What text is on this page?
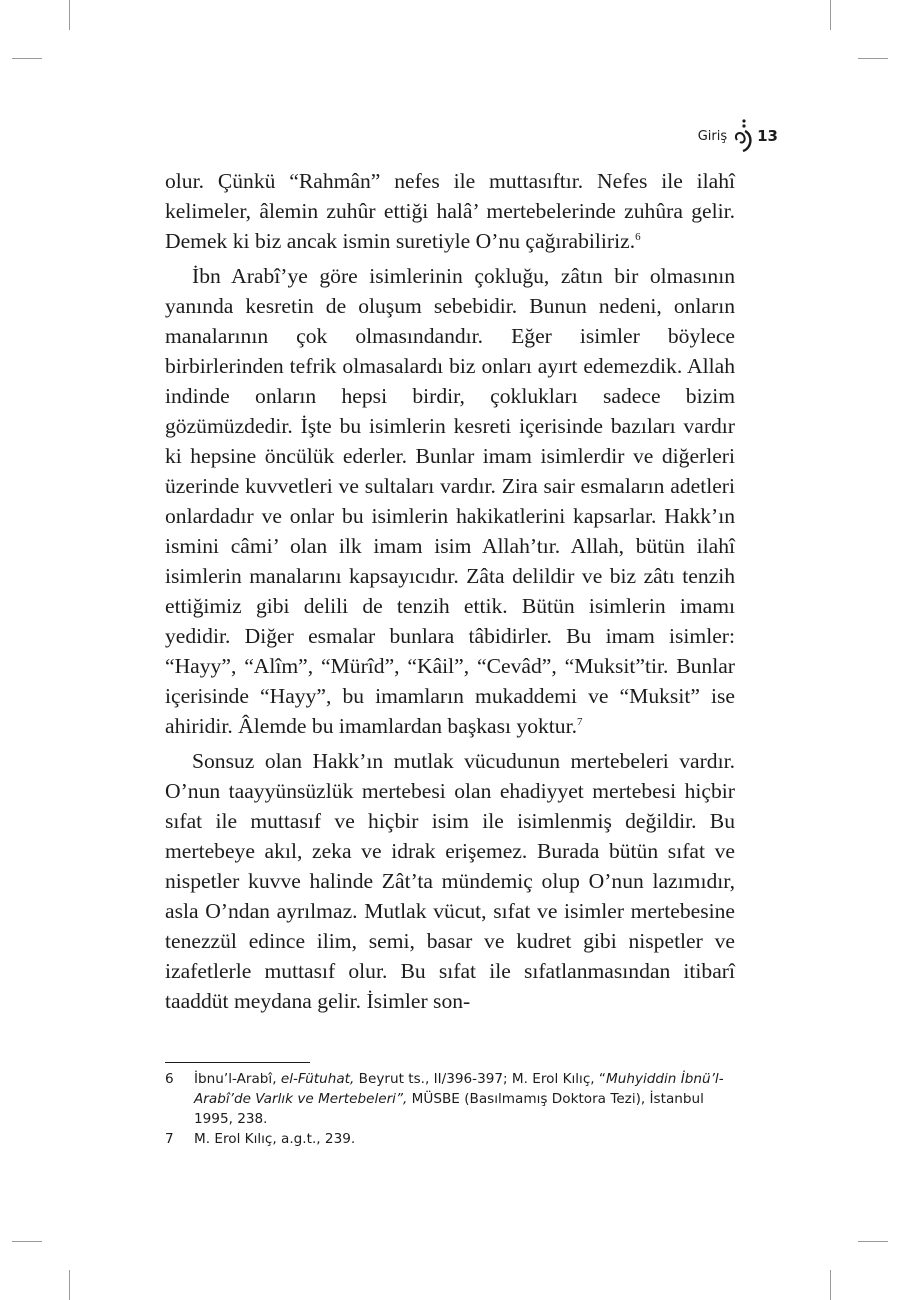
Giriş 13

olur. Çünkü “Rahmân” nefes ile muttasıftır. Nefes ile ilahî kelimeler, âlemin zuhûr ettiği halâ’ mertebelerinde zuhûra gelir. Demek ki biz ancak ismin suretiyle O’nu çağırabiliriz.$^6$

İbn Arabî’ye göre isimlerinin çokluğu, zâtın bir olmasının yanında kesretin de oluşum sebebidir. Bunun nedeni, onların manalarının çok olmasındandır. Eğer isimler böylece birbirlerinden tefrik olmasalardı biz onları ayırt edemezdik. Allah indinde onların hepsi birdir, çoklukları sadece bizim gözümüzdedir. İşte bu isimlerin kesreti içerisinde bazıları vardır ki hepsine öncülük ederler. Bunlar imam isimlerdir ve diğerleri üzerinde kuvvetleri ve sultaları vardır. Zira sair esmaların adetleri onlardadır ve onlar bu isimlerin hakikatlerini kapsarlar. Hakk’ın ismini câmi’ olan ilk imam isim Allah’tır. Allah, bütün ilahî isimlerin manalarını kapsayıcıdır. Zâta delildir ve biz zâtı tenzih ettiğimiz gibi delili de tenzih ettik. Bütün isimlerin imamı yedidir. Diğer esmalar bunlara tâbidirler. Bu imam isimler: “Hayy”, “Alîm”, “Mürîd”, “Kâil”, “Cevâd”, “Muksit”tir. Bunlar içerisinde “Hayy”, bu imamların mukaddemi ve “Muksit” ise ahiridir. Âlemde bu imamlardan başkası yoktur.$^7$

Sonsuz olan Hakk’ın mutlak vücudunun mertebeleri vardır. O’nun taayyünsüzlük mertebesi olan ehadiyyet mertebesi hiçbir sıfat ile muttasıf ve hiçbir isim ile isimlenmiş değildir. Bu mertebeye akıl, zeka ve idrak erişemez. Burada bütün sıfat ve nispetler kuvve halinde Zât’ta mündemiç olup O’nun lazımıdır, asla O’ndan ayrılmaz. Mutlak vücut, sıfat ve isimler mertebesine tenezzül edince ilim, semi, basar ve kudret gibi nispetler ve izafetlerle muttasıf olur. Bu sıfat ile sıfatlanmasından itibarî taaddüt meydana gelir. İsimler son-

6	İbnu’l-Arabî, el-Fütuhat, Beyrut ts., II/396-397; M. Erol Kılıç, “Muhyiddin İbnü’l-Arabî’de Varlık ve Mertebeleri”, MÜSBE (Basılmamış Doktora Tezi), İstanbul 1995, 238.
7	M. Erol Kılıç, a.g.t., 239.
